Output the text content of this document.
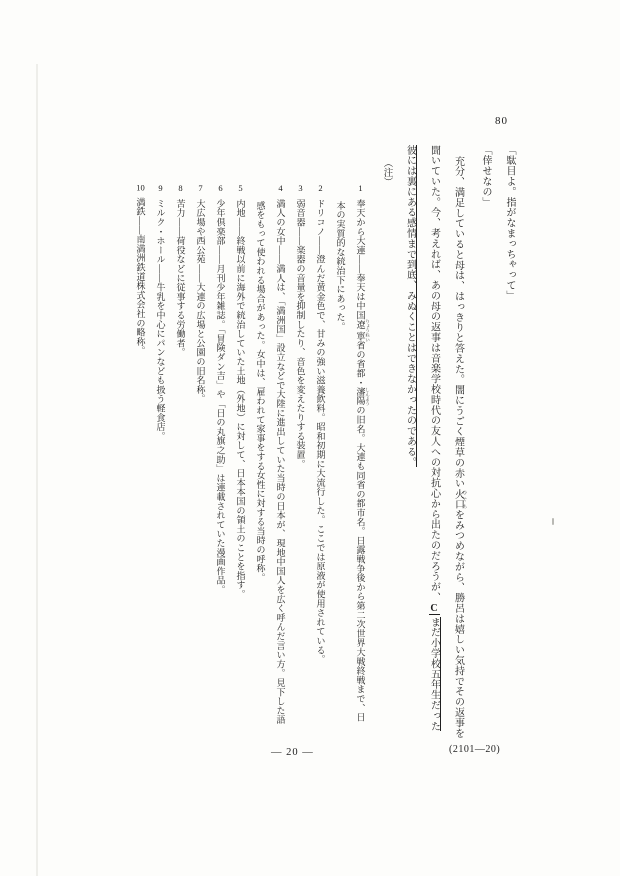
80
「駄目よ。指がなまっちゃって」
「倖せなの」
充分、満足していると母は、はっきりと答えた。闇にうごく煙草の赤い火口 ひぐちをみつめながら、勝呂は嬉しい気持でその返事を
聞いていた。今、考えれば、あの母の返事は音楽学校時代の友人への対抗心から出たのだろうが、Cまだ小学校五年生だった
彼には裏にある感情まで到底、みぬくことはできなかったのである。
（注）
1奉天から大連――奉天は中国遼寧 りょうねい省の省都・瀋陽 しんようの旧名。大連も同省の都市名。日露戦争後から第二次世界大戦終戦まで、日
本の実質的な統治下にあった。
2ドリコノ――澄んだ黄金色で、甘みの強い滋養飲料。昭和初期に大流行した。ここでは原液が使用されている。
3弱音器――楽器の音量を抑制したり、音色を変えたりする装置。
4満人の女中――満人は、「満洲国」設立などで大陸に進出していた当時の日本が、現地中国人を広く呼んだ言い方。見下した語
感をもって使われる場合があった。女中は、雇われて家事をする女性に対する当時の呼称。
5内地――終戦以前に海外で統治していた土地（外地）に対して、日本本国の領土のことを指す。
6少年倶楽部――月刊少年雑誌。「冒険ダン吉」や「日の丸旗之助」は連載されていた漫画作品。
7大広場や西公苑――大連の広場と公園の旧名称。
8苦力――荷役などに従事する労働者。
9ミルク・ホール――牛乳を中心にパンなども扱う軽食店。
10満鉄――南満洲鉄道株式会社の略称。
— 20 —	(2101—20)
